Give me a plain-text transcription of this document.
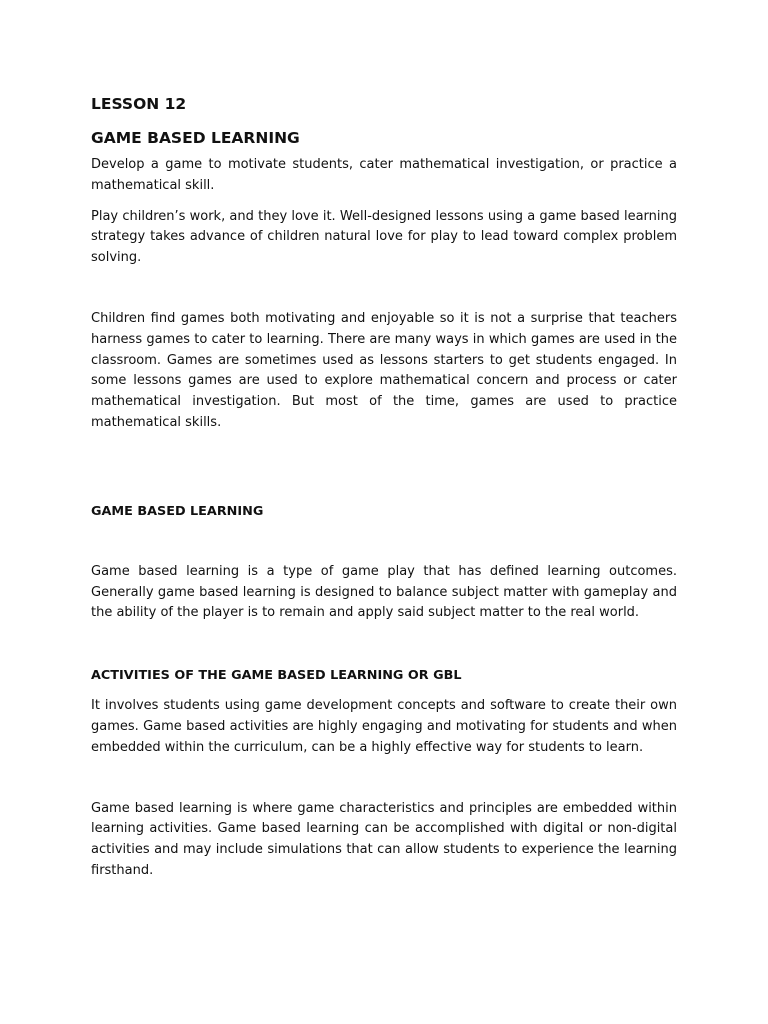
LESSON 12
GAME BASED LEARNING

Develop a game to motivate students, cater mathematical investigation, or practice a mathematical skill.

Play children’s work, and they love it. Well-designed lessons using a game based learning strategy takes advance of children natural love for play to lead toward complex problem solving.

Children find games both motivating and enjoyable so it is not a surprise that teachers harness games to cater to learning. There are many ways in which games are used in the classroom. Games are sometimes used as lessons starters to get students engaged. In some lessons games are used to explore mathematical concern and process or cater mathematical investigation. But most of the time, games are used to practice mathematical skills.

GAME BASED LEARNING

Game based learning is a type of game play that has defined learning outcomes. Generally game based learning is designed to balance subject matter with gameplay and the ability of the player is to remain and apply said subject matter to the real world.

ACTIVITIES OF THE GAME BASED LEARNING OR GBL

It involves students using game development concepts and software to create their own games. Game based activities are highly engaging and motivating for students and when embedded within the curriculum, can be a highly effective way for students to learn.

Game based learning is where game characteristics and principles are embedded within learning activities. Game based learning can be accomplished with digital or non-digital activities and may include simulations that can allow students to experience the learning firsthand.
